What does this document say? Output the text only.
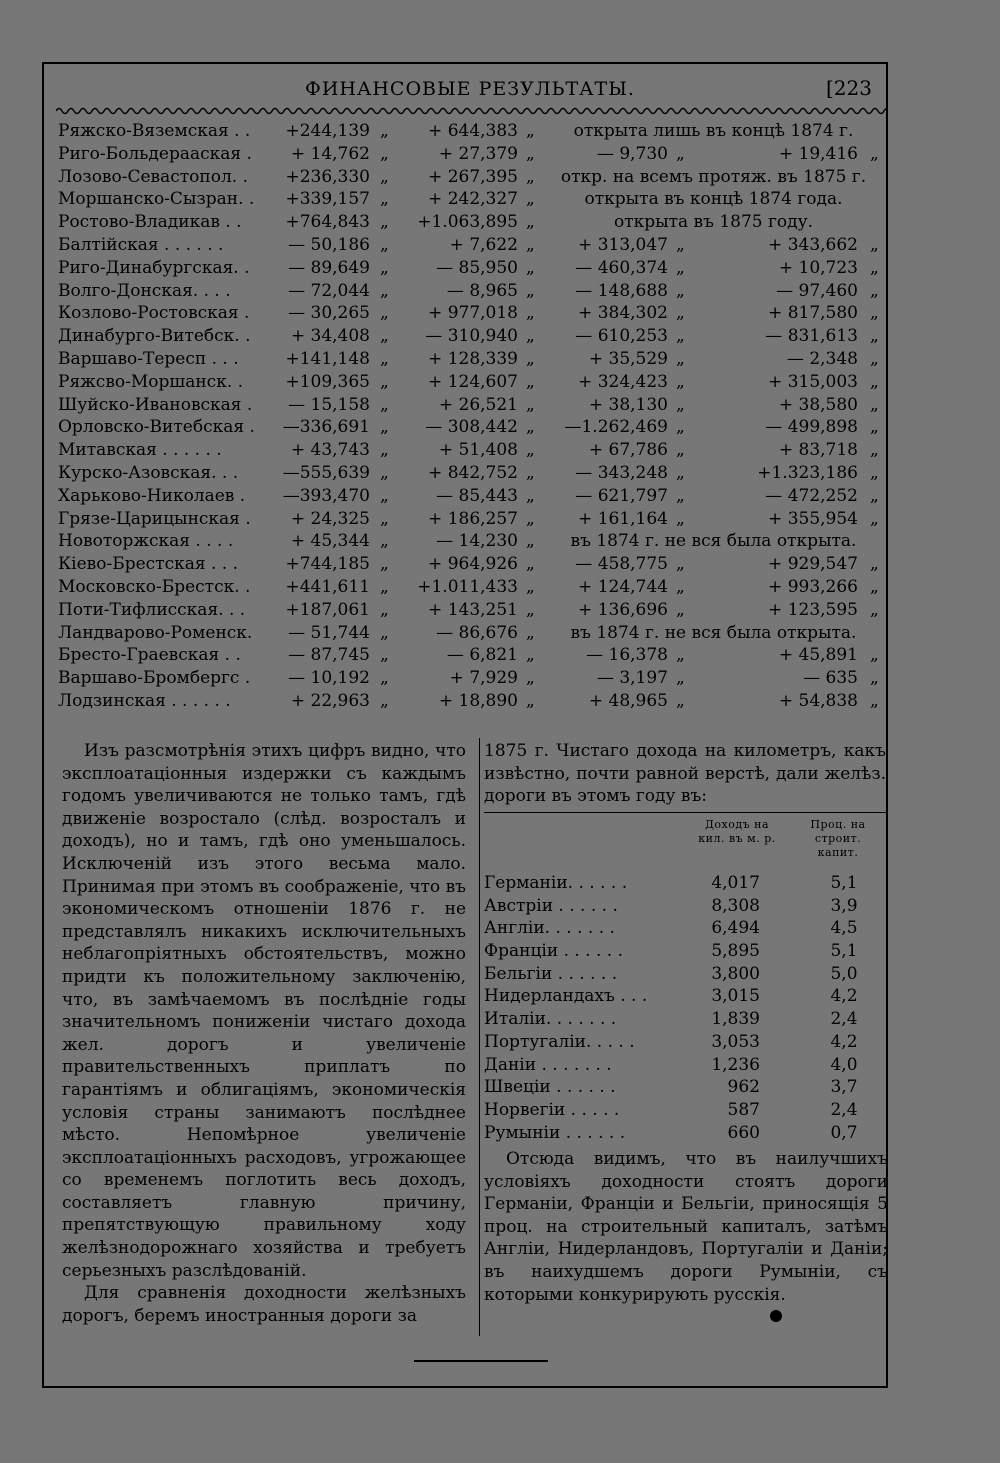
ФИНАНСОВЫЕ РЕЗУЛЬТАТЫ.	[223
Ряжско-Вяземская . .	+244,139 „	+ 644,383 „	открыта лишь въ концѣ 1874 г.
Риго-Больдерааская .	+ 14,762 „	+ 27,379 „	— 9,730 „	+ 19,416 „
Лозово-Севастопол. .	+236,330 „	+ 267,395 „	откр. на всемъ протяж. въ 1875 г.
Моршанско-Сызран. .	+339,157 „	+ 242,327 „	открыта въ концѣ 1874 года.
Ростово-Владикав . .	+764,843 „	+1.063,895 „	открыта въ 1875 году.
Балтійская . . . . . .	— 50,186 „	+ 7,622 „	+ 313,047 „	+ 343,662 „
Риго-Динабургская. .	— 89,649 „	— 85,950 „	— 460,374 „	+ 10,723 „
Волго-Донская. . . .	— 72,044 „	— 8,965 „	— 148,688 „	— 97,460 „
Козлово-Ростовская .	— 30,265 „	+ 977,018 „	+ 384,302 „	+ 817,580 „
Динабурго-Витебск. .	+ 34,408 „	— 310,940 „	— 610,253 „	— 831,613 „
Варшаво-Тересп . . .	+141,148 „	+ 128,339 „	+ 35,529 „	— 2,348 „
Ряжсво-Моршанск. .	+109,365 „	+ 124,607 „	+ 324,423 „	+ 315,003 „
Шуйско-Ивановская .	— 15,158 „	+ 26,521 „	+ 38,130 „	+ 38,580 „
Орловско-Витебская .	—336,691 „	— 308,442 „	—1.262,469 „	— 499,898 „
Митавская . . . . . .	+ 43,743 „	+ 51,408 „	+ 67,786 „	+ 83,718 „
Курско-Азовская. . .	—555,639 „	+ 842,752 „	— 343,248 „	+1.323,186 „
Харьково-Николаев .	—393,470 „	— 85,443 „	— 621,797 „	— 472,252 „
Грязе-Царицынская .	+ 24,325 „	+ 186,257 „	+ 161,164 „	+ 355,954 „
Новоторжская . . . .	+ 45,344 „	— 14,230 „	въ 1874 г. не вся была открыта.
Кіево-Брестская . . .	+744,185 „	+ 964,926 „	— 458,775 „	+ 929,547 „
Московско-Брестск. .	+441,611 „	+1.011,433 „	+ 124,744 „	+ 993,266 „
Поти-Тифлисская. . .	+187,061 „	+ 143,251 „	+ 136,696 „	+ 123,595 „
Ландварово-Роменск.	— 51,744 „	— 86,676 „	въ 1874 г. не вся была открыта.
Бресто-Граевская . .	— 87,745 „	— 6,821 „	— 16,378 „	+ 45,891 „
Варшаво-Бромбергс .	— 10,192 „	+ 7,929 „	— 3,197 „	— 635 „
Лодзинская . . . . . .	+ 22,963 „	+ 18,890 „	+ 48,965 „	+ 54,838 „

Изъ разсмотрѣнія этихъ цифръ видно, что эксплоатаціонныя издержки съ каждымъ годомъ увеличиваются не только тамъ, гдѣ движеніе возростало (слѣд. возросталъ и доходъ), но и тамъ, гдѣ оно уменьшалось. Исключеній изъ этого весьма мало. Принимая при этомъ въ соображеніе, что въ экономическомъ отношеніи 1876 г. не представлялъ никакихъ исключительныхъ неблагопріятныхъ обстоятельствъ, можно придти къ положительному заключенію, что, въ замѣчаемомъ въ послѣдніе годы значительномъ пониженіи чистаго дохода жел. дорогъ и увеличеніе правительственныхъ приплатъ по гарантіямъ и облигаціямъ, экономическія условія страны занимаютъ послѣднее мѣсто. Непомѣрное увеличеніе эксплоатаціонныхъ расходовъ, угрожающее со временемъ поглотить весь доходъ, составляетъ главную причину, препятствующую правильному ходу желѣзнодорожнаго хозяйства и требуетъ серьезныхъ разслѣдованій.

Для сравненія доходности желѣзныхъ дорогъ, беремъ иностранныя дороги за

1875 г. Чистаго дохода на километръ, какъ извѣстно, почти равной верстѣ, дали желѣз. дороги въ этомъ году въ:
Доходъ на кил. въ м. р.
Проц. на строит. капит.
Германіи. . . . . .	4,017	5,1
Австріи . . . . . .	8,308	3,9
Англіи. . . . . . .	6,494	4,5
Франціи . . . . . .	5,895	5,1
Бельгіи . . . . . .	3,800	5,0
Нидерландахъ . . .	3,015	4,2
Италіи. . . . . . .	1,839	2,4
Португаліи. . . . .	3,053	4,2
Даніи . . . . . . .	1,236	4,0
Швеціи . . . . . .	962	3,7
Норвегіи . . . . .	587	2,4
Румыніи . . . . . .	660	0,7

Отсюда видимъ, что въ наилучшихъ условіяхъ доходности стоятъ дороги Германіи, Франціи и Бельгіи, приносящія 5 проц. на строительный капиталъ, затѣмъ Англіи, Нидерландовъ, Португаліи и Даніи; въ наихудшемъ дороги Румыніи, съ которыми конкурирують русскія.
